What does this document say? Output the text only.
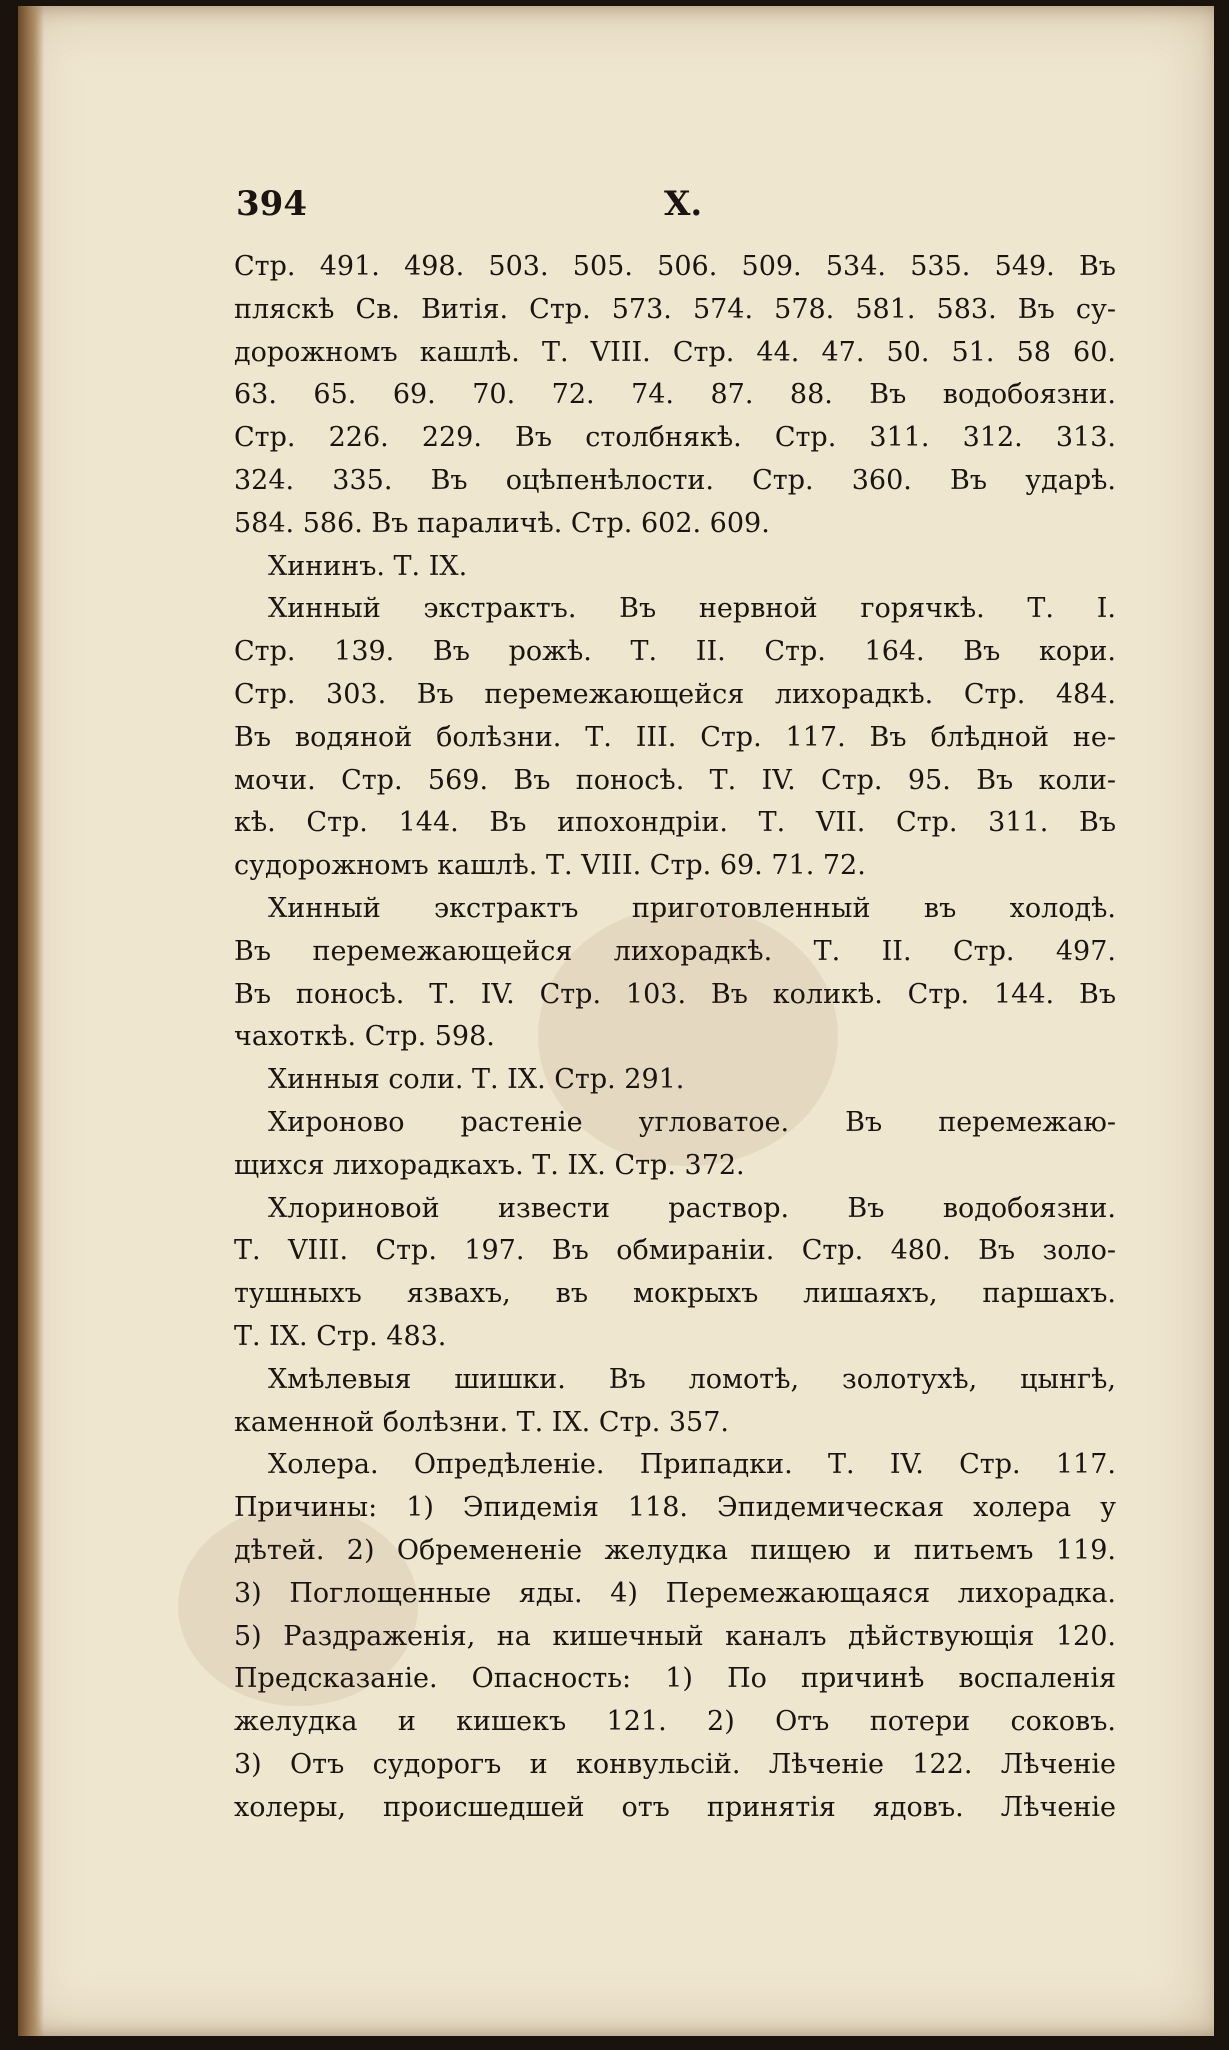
394	X.
Стр. 491. 498. 503. 505. 506. 509. 534. 535. 549. Въ
пляскѣ Св. Витія. Стр. 573. 574. 578. 581. 583. Въ су-
дорожномъ кашлѣ. Т. VIII. Стр. 44. 47. 50. 51. 58 60.
63. 65. 69. 70. 72. 74. 87. 88. Въ водобоязни.
Стр. 226. 229. Въ столбнякѣ. Стр. 311. 312. 313.
324. 335. Въ оцѣпенѣлости. Стр. 360. Въ ударѣ.
584. 586. Въ параличѣ. Стр. 602. 609.
Хининъ. Т. IX.
Хинный экстрактъ. Въ нервной горячкѣ. Т. I.
Стр. 139. Въ рожѣ. Т. II. Стр. 164. Въ кори.
Стр. 303. Въ перемежающейся лихорадкѣ. Стр. 484.
Въ водяной болѣзни. Т. III. Стр. 117. Въ блѣдной не-
мочи. Стр. 569. Въ поносѣ. Т. IV. Стр. 95. Въ коли-
кѣ. Стр. 144. Въ ипохондріи. Т. VII. Стр. 311. Въ
судорожномъ кашлѣ. Т. VIII. Стр. 69. 71. 72.
Хинный экстрактъ приготовленный въ холодѣ.
Въ перемежающейся лихорадкѣ. Т. II. Стр. 497.
Въ поносѣ. Т. IV. Стр. 103. Въ коликѣ. Стр. 144. Въ
чахоткѣ. Стр. 598.
Хинныя соли. Т. IX. Стр. 291.
Хироново растеніе угловатое. Въ перемежаю-
щихся лихорадкахъ. Т. IX. Стр. 372.
Хлориновой извести раствор. Въ водобоязни.
Т. VIII. Стр. 197. Въ обмираніи. Стр. 480. Въ золо-
тушныхъ язвахъ, въ мокрыхъ лишаяхъ, паршахъ.
Т. IX. Стр. 483.
Хмѣлевыя шишки. Въ ломотѣ, золотухѣ, цынгѣ,
каменной болѣзни. Т. IX. Стр. 357.
Холера. Опредѣленіе. Припадки. Т. IV. Стр. 117.
Причины: 1) Эпидемія 118. Эпидемическая холера у
дѣтей. 2) Обремененіе желудка пищею и питьемъ 119.
3) Поглощенные яды. 4) Перемежающаяся лихорадка.
5) Раздраженія, на кишечный каналъ дѣйствующія 120.
Предсказаніе. Опасность: 1) По причинѣ воспаленія
желудка и кишекъ 121. 2) Отъ потери соковъ.
3) Отъ судорогъ и конвульсій. Лѣченіе 122. Лѣченіе
холеры, происшедшей отъ принятія ядовъ. Лѣченіе
